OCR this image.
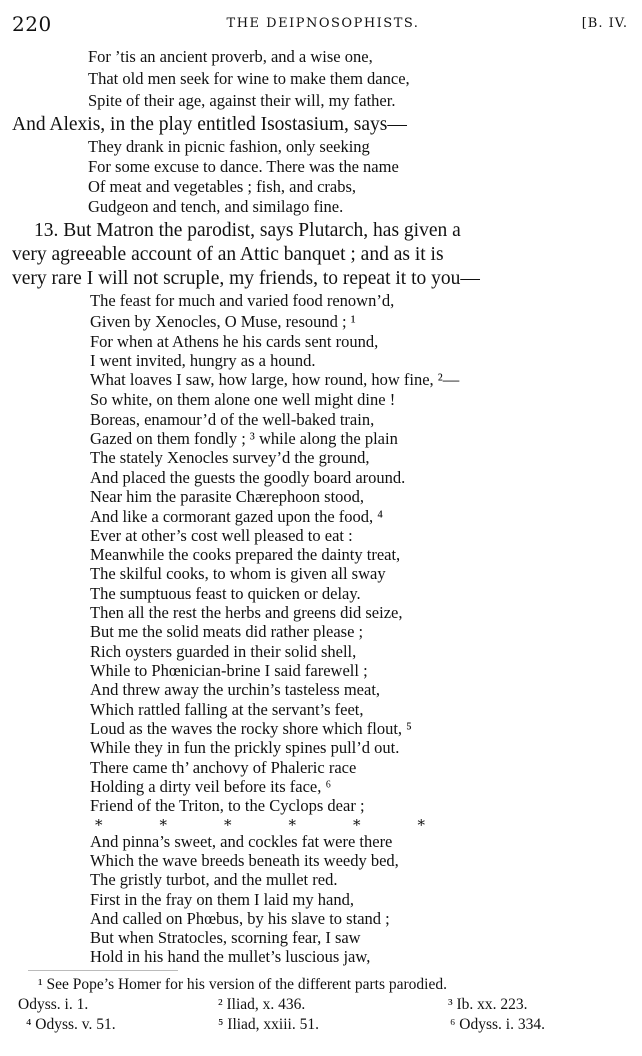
220	THE DEIPNOSOPHISTS.	[B. IV.
For ’tis an ancient proverb, and a wise one,
That old men seek for wine to make them dance,
Spite of their age, against their will, my father.
And Alexis, in the play entitled Isostasium, says—
They drank in picnic fashion, only seeking
For some excuse to dance. There was the name
Of meat and vegetables ; fish, and crabs,
Gudgeon and tench, and similago fine.
13. But Matron the parodist, says Plutarch, has given a
very agreeable account of an Attic banquet ; and as it is
very rare I will not scruple, my friends, to repeat it to you—
The feast for much and varied food renown’d,
Given by Xenocles, O Muse, resound ; ¹
For when at Athens he his cards sent round,
I went invited, hungry as a hound.
What loaves I saw, how large, how round, how fine, ²—
So white, on them alone one well might dine !
Boreas, enamour’d of the well-baked train,
Gazed on them fondly ; ³ while along the plain
The stately Xenocles survey’d the ground,
And placed the guests the goodly board around.
Near him the parasite Chærephoon stood,
And like a cormorant gazed upon the food, ⁴
Ever at other’s cost well pleased to eat :
Meanwhile the cooks prepared the dainty treat,
The skilful cooks, to whom is given all sway
The sumptuous feast to quicken or delay.
Then all the rest the herbs and greens did seize,
But me the solid meats did rather please ;
Rich oysters guarded in their solid shell,
While to Phœnician-brine I said farewell ;
And threw away the urchin’s tasteless meat,
Which rattled falling at the servant’s feet,
Loud as the waves the rocky shore which flout, ⁵
While they in fun the prickly spines pull’d out.
There came th’ anchovy of Phaleric race
Holding a dirty veil before its face, ⁶
Friend of the Triton, to the Cyclops dear ;
And pinna’s sweet, and cockles fat were there
Which the wave breeds beneath its weedy bed,
The gristly turbot, and the mullet red.
First in the fray on them I laid my hand,
And called on Phœbus, by his slave to stand ;
But when Stratocles, scorning fear, I saw
Hold in his hand the mullet’s luscious jaw,
*	*	*	*	*	*
¹ See Pope’s Homer for his version of the different parts parodied.
Odyss. i. 1.	² Iliad, x. 436.	³ Ib. xx. 223.
⁴ Odyss. v. 51.	⁵ Iliad, xxiii. 51.	⁶ Odyss. i. 334.
